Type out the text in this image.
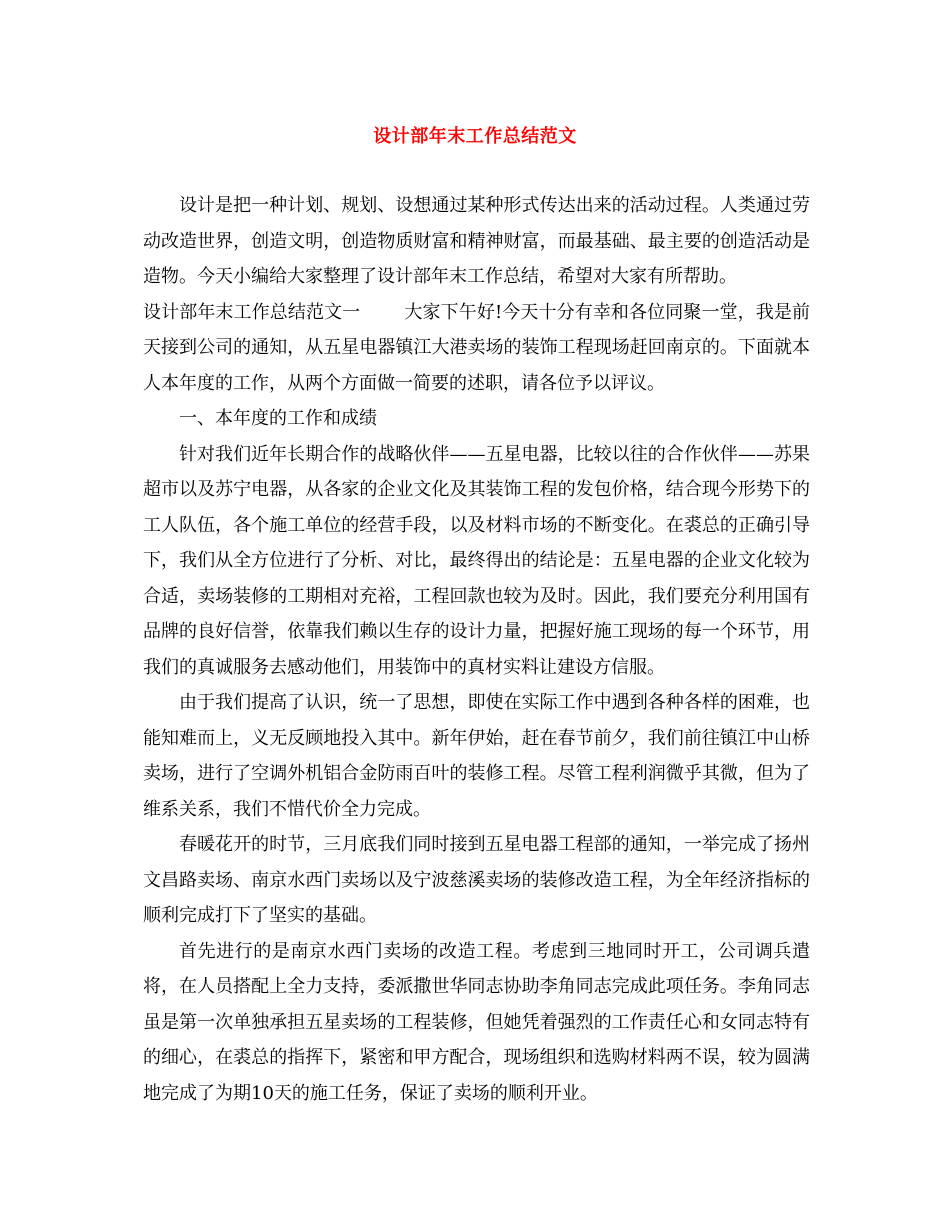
设计部年末工作总结范文

设计是把一种计划、规划、设想通过某种形式传达出来的活动过程。人类通过劳动改造世界，创造文明，创造物质财富和精神财富，而最基础、最主要的创造活动是造物。今天小编给大家整理了设计部年末工作总结，希望对大家有所帮助。

设计部年末工作总结范文一 大家下午好!今天十分有幸和各位同聚一堂，我是前天接到公司的通知，从五星电器镇江大港卖场的装饰工程现场赶回南京的。下面就本人本年度的工作，从两个方面做一简要的述职，请各位予以评议。

一、本年度的工作和成绩

针对我们近年长期合作的战略伙伴——五星电器，比较以往的合作伙伴——苏果超市以及苏宁电器，从各家的企业文化及其装饰工程的发包价格，结合现今形势下的工人队伍，各个施工单位的经营手段，以及材料市场的不断变化。在裘总的正确引导下，我们从全方位进行了分析、对比，最终得出的结论是：五星电器的企业文化较为合适，卖场装修的工期相对充裕，工程回款也较为及时。因此，我们要充分利用国有品牌的良好信誉，依靠我们赖以生存的设计力量，把握好施工现场的每一个环节，用我们的真诚服务去感动他们，用装饰中的真材实料让建设方信服。

由于我们提高了认识，统一了思想，即使在实际工作中遇到各种各样的困难，也能知难而上，义无反顾地投入其中。新年伊始，赶在春节前夕，我们前往镇江中山桥卖场，进行了空调外机铝合金防雨百叶的装修工程。尽管工程利润微乎其微，但为了维系关系，我们不惜代价全力完成。

春暖花开的时节，三月底我们同时接到五星电器工程部的通知，一举完成了扬州文昌路卖场、南京水西门卖场以及宁波慈溪卖场的装修改造工程，为全年经济指标的顺利完成打下了坚实的基础。

首先进行的是南京水西门卖场的改造工程。考虑到三地同时开工，公司调兵遣将，在人员搭配上全力支持，委派撒世华同志协助李角同志完成此项任务。李角同志虽是第一次单独承担五星卖场的工程装修，但她凭着强烈的工作责任心和女同志特有的细心，在裘总的指挥下，紧密和甲方配合，现场组织和选购材料两不误，较为圆满地完成了为期10天的施工任务，保证了卖场的顺利开业。
